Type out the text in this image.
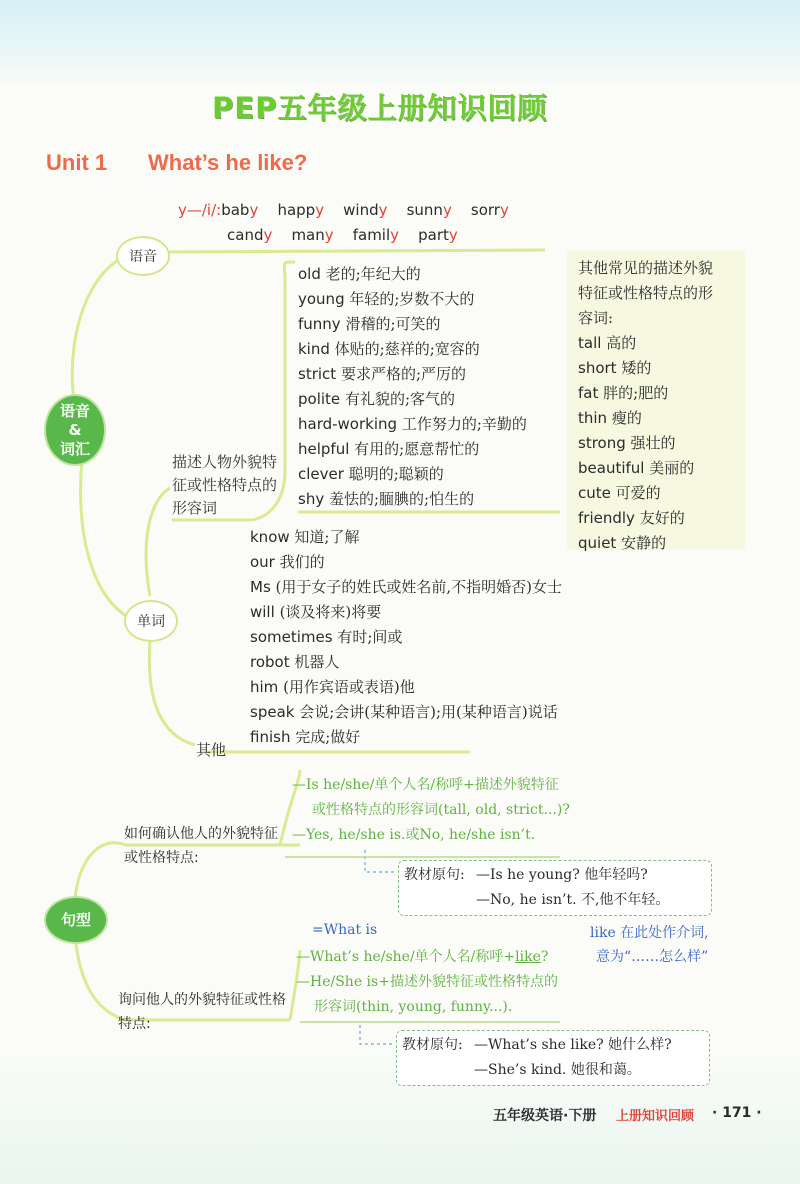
PEP五年级上册知识回顾
Unit 1 What’s he like?
y—/i/:baby happy windy sunny sorry
candy many family party
语音
单词
其他
语音
&
词汇
句型
描述人物外貌特征或性格特点的形容词
old 老的;年纪大的
young 年轻的;岁数不大的
funny 滑稽的;可笑的
kind 体贴的;慈祥的;宽容的
strict 要求严格的;严厉的
polite 有礼貌的;客气的
hard-working 工作努力的;辛勤的
helpful 有用的;愿意帮忙的
clever 聪明的;聪颖的
shy 羞怯的;腼腆的;怕生的
其他常见的描述外貌
特征或性格特点的形
容词:
tall 高的
short 矮的
fat 胖的;肥的
thin 瘦的
strong 强壮的
beautiful 美丽的
cute 可爱的
friendly 友好的
quiet 安静的
know 知道;了解
our 我们的
Ms (用于女子的姓氏或姓名前,不指明婚否)女士
will (谈及将来)将要
sometimes 有时;间或
robot 机器人
him (用作宾语或表语)他
speak 会说;会讲(某种语言);用(某种语言)说话
finish 完成;做好
如何确认他人的外貌特征或性格特点:
—Is he/she/单个人名/称呼+描述外貌特征
或性格特点的形容词(tall, old, strict...)?
—Yes, he/she is.或No, he/she isn’t.
教材原句: —Is he young? 他年轻吗?
—No, he isn’t. 不,他不年轻。
=What is	like 在此处作介词,
—What’s he/she/单个人名/称呼+like?	意为“……怎么样”
—He/She is+描述外貌特征或性格特点的
形容词(thin, young, funny...).
询问他人的外貌特征或性格特点:
教材原句: —What’s she like? 她什么样?
—She’s kind. 她很和蔼。
五年级英语·下册 上册知识回顾 · 171 ·
